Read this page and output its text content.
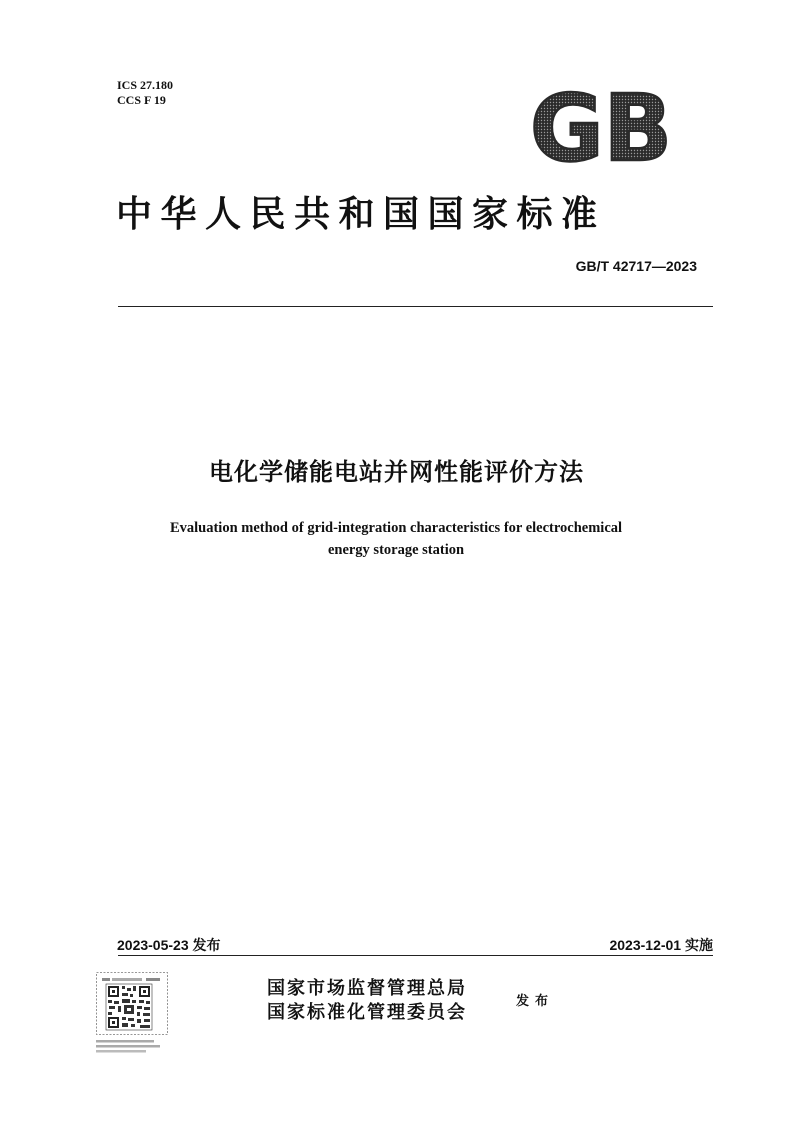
ICS 27.180
CCS F 19	GB
中华人民共和国国家标准
GB/T 42717—2023
电化学储能电站并网性能评价方法
Evaluation method of grid-integration characteristics for electrochemical
energy storage station
2023-05-23 发布	2023-12-01 实施
国家市场监督管理总局
国家标准化管理委员会
发布
